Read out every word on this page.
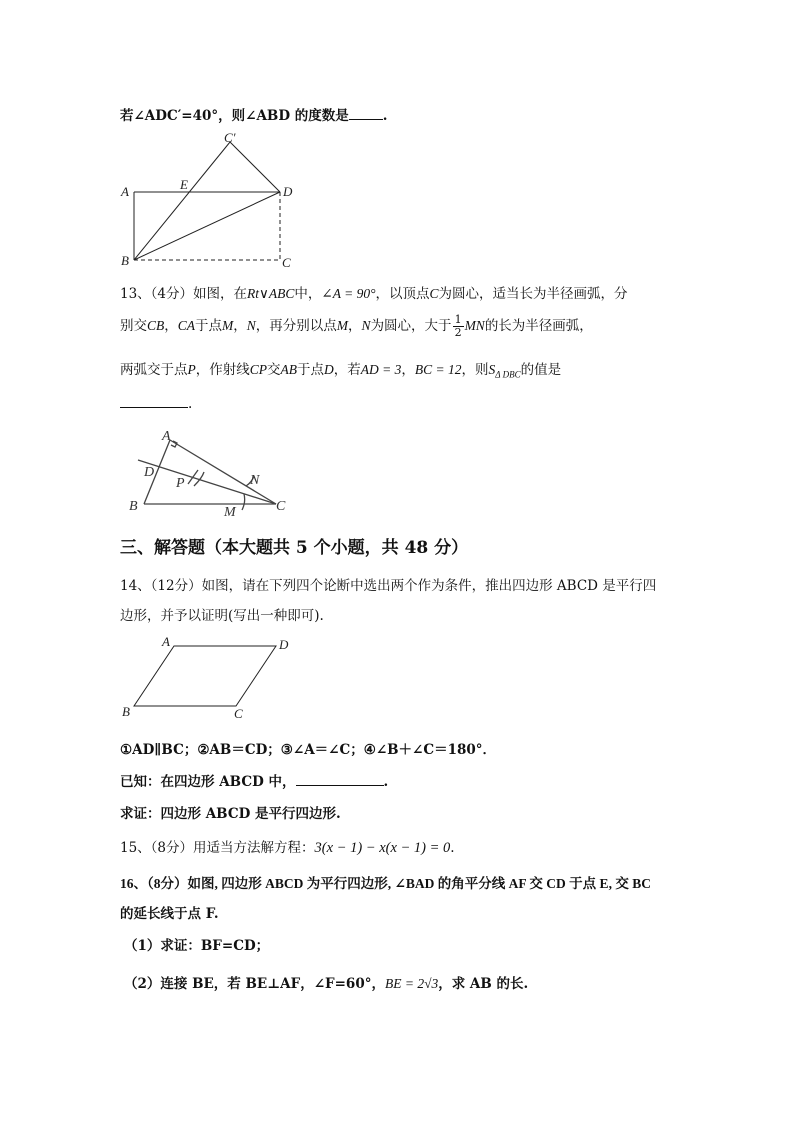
若∠ADC′=40°，则∠ABD 的度数是	.
C′
A	E	D
B	C
13、（4分）如图，在Rt∨ABC中，∠A = 90°，以顶点C为圆心，适当长为半径画弧，分
别交CB，CA于点M，N，再分别以点M，N为圆心，大于 $\frac{1}{2}$ MN的长为半径画弧，
两弧交于点P，作射线CP交AB于点D，若AD = 3，BC = 12，则$S_{\Delta DBC}$的值是
.
A
D
P	N
B	M	C
三、解答题（本大题共 5 个小题，共 48 分）
14、（12分）如图，请在下列四个论断中选出两个作为条件，推出四边形 ABCD 是平行四
边形，并予以证明(写出一种即可).
A	D
B	C
①AD∥BC；②AB＝CD；③∠A＝∠C；④∠B＋∠C＝180°．
已知：在四边形 ABCD 中，	.
求证：四边形 ABCD 是平行四边形.
15、（8分）用适当方法解方程：3(x − 1) − x(x − 1) = 0.
16、（8分）如图, 四边形 ABCD 为平行四边形, ∠BAD 的角平分线 AF 交 CD 于点 E, 交 BC
的延长线于点 F.
（1）求证：BF=CD；
（2）连接 BE，若 BE⊥AF，∠F=60°，BE = 2√3，求 AB 的长.
